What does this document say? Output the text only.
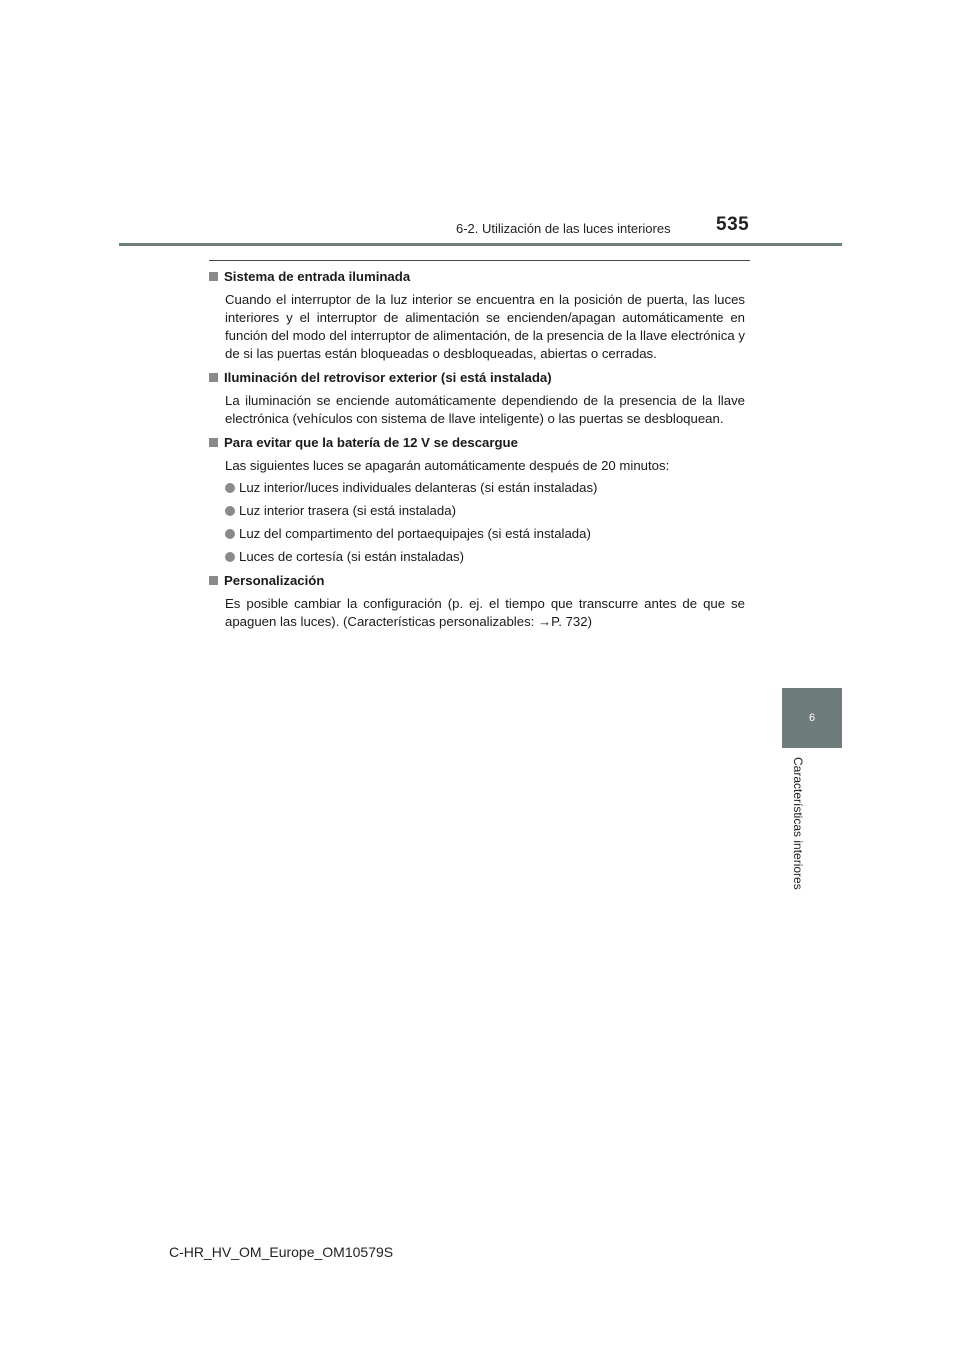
6-2. Utilización de las luces interiores 535
6
Características interiores
Sistema de entrada iluminada
Cuando el interruptor de la luz interior se encuentra en la posición de puerta, las luces interiores y el interruptor de alimentación se encienden/apagan automáticamente en función del modo del interruptor de alimentación, de la presencia de la llave electrónica y de si las puertas están bloqueadas o desbloqueadas, abiertas o cerradas.
Iluminación del retrovisor exterior (si está instalada)
La iluminación se enciende automáticamente dependiendo de la presencia de la llave electrónica (vehículos con sistema de llave inteligente) o las puertas se desbloquean.
Para evitar que la batería de 12 V se descargue
Las siguientes luces se apagarán automáticamente después de 20 minutos:
Luz interior/luces individuales delanteras (si están instaladas)
Luz interior trasera (si está instalada)
Luz del compartimento del portaequipajes (si está instalada)
Luces de cortesía (si están instaladas)
Personalización
Es posible cambiar la configuración (p. ej. el tiempo que transcurre antes de que se apaguen las luces). (Características personalizables: →P. 732)
C-HR_HV_OM_Europe_OM10579S
